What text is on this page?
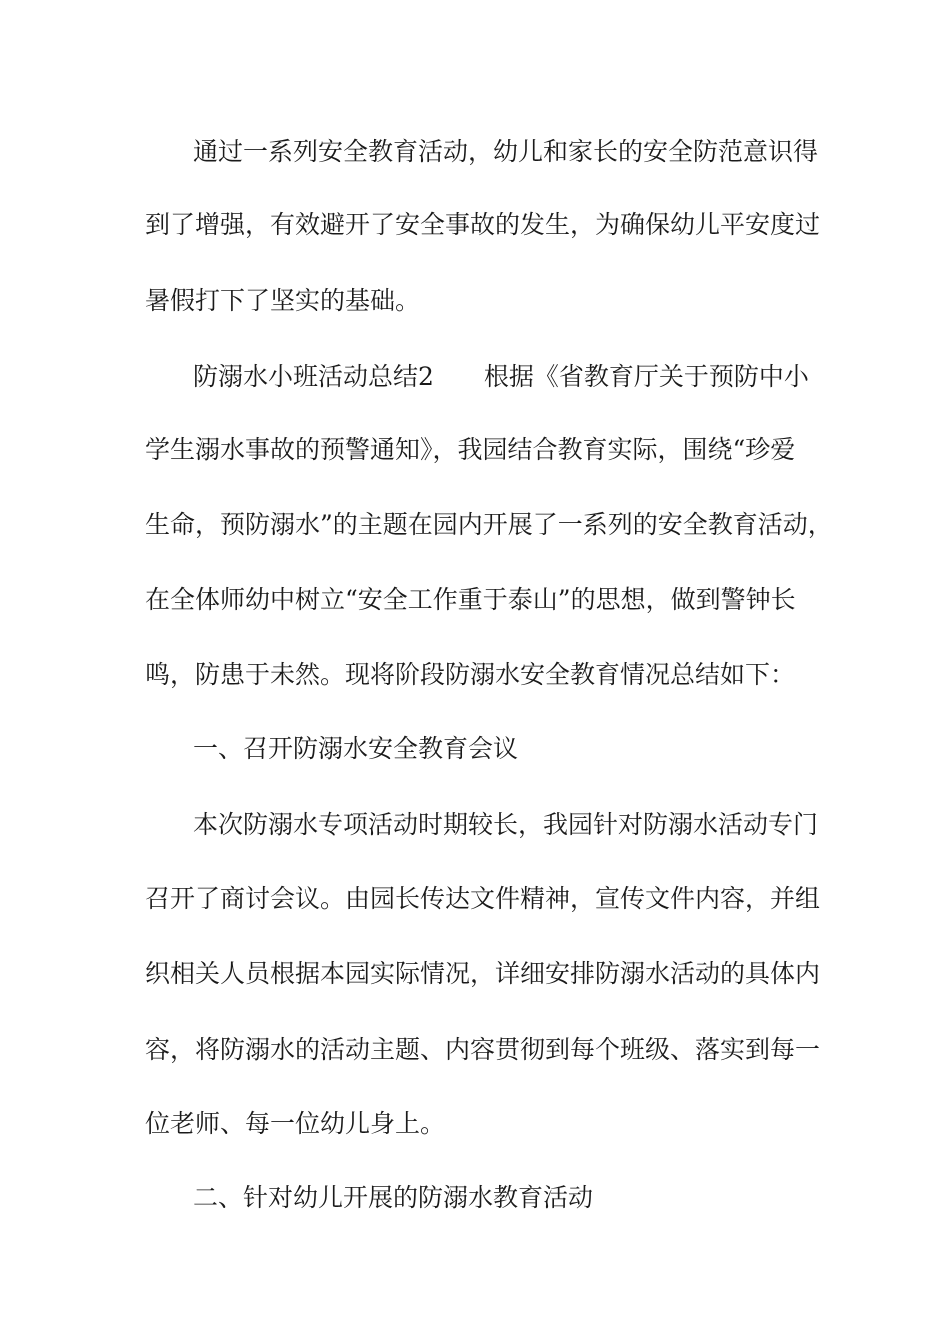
通过一系列安全教育活动，幼儿和家长的安全防范意识得

到了增强，有效避开了安全事故的发生，为确保幼儿平安度过

暑假打下了坚实的基础。

防溺水小班活动总结2　　根据《省教育厅关于预防中小

学生溺水事故的预警通知》，我园结合教育实际，围绕“珍爱

生命，预防溺水”的主题在园内开展了一系列的安全教育活动，

在全体师幼中树立“安全工作重于泰山”的思想，做到警钟长

鸣，防患于未然。现将阶段防溺水安全教育情况总结如下：

一、召开防溺水安全教育会议

本次防溺水专项活动时期较长，我园针对防溺水活动专门

召开了商讨会议。由园长传达文件精神，宣传文件内容，并组

织相关人员根据本园实际情况，详细安排防溺水活动的具体内

容，将防溺水的活动主题、内容贯彻到每个班级、落实到每一

位老师、每一位幼儿身上。

二、针对幼儿开展的防溺水教育活动
